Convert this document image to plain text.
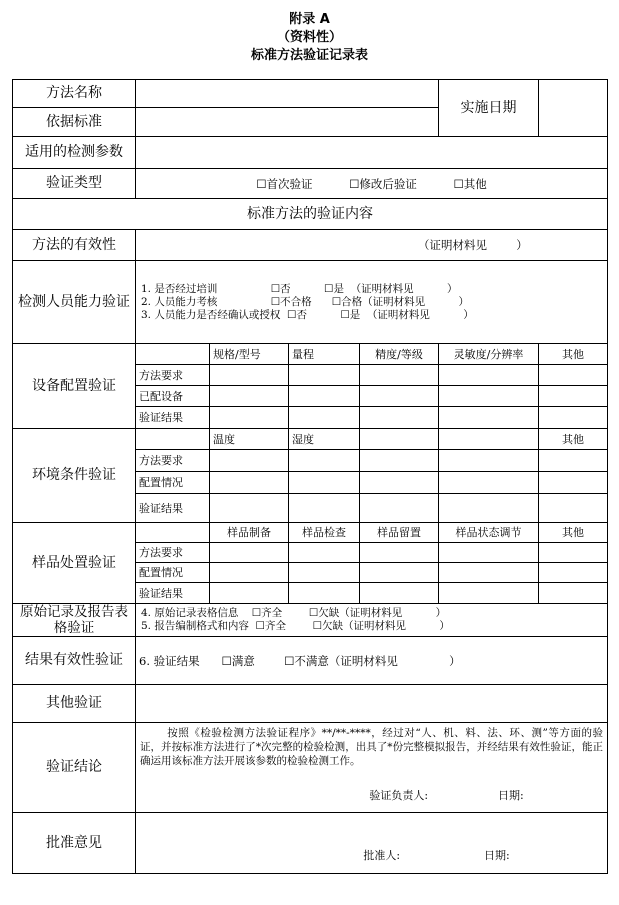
附录 A
（资料性）
标准方法验证记录表
方法名称					实施日期	
依据标准						
适用的检测参数						
验证类型	☐首次验证          ☐修改后验证          ☐其他					
标准方法的验证内容						
方法的有效性	（证明材料见        ）					
检测人员能力验证	1. 是否经过培训                ☐否          ☐是  （证明材料见          ）
2. 人员能力考核                ☐不合格      ☐合格（证明材料见          ）
3. 人员能力是否经确认或授权  ☐否          ☐是  （证明材料见          ）					
设备配置验证		规格/型号	量程	精度/等级	灵敏度/分辨率	其他
	方法要求					
	已配设备					
	验证结果					
环境条件验证		温度	湿度			其他
	方法要求					
	配置情况					
	验证结果					
样品处置验证		样品制备	样品检查	样品留置	样品状态调节	其他
	方法要求					
	配置情况					
	验证结果					
原始记录及报告表格验证	4. 原始记录表格信息    ☐齐全        ☐欠缺（证明材料见          ）
5. 报告编制格式和内容  ☐齐全        ☐欠缺（证明材料见          ）					
结果有效性验证	6. 验证结果      ☐满意        ☐不满意（证明材料见              ）					
其他验证						
验证结论	按照《检验检测方法验证程序》**/**-****，经过对“人、机、料、法、环、测”等方面的验证，并按标准方法进行了*次完整的检验检测，出具了*份完整模拟报告，并经结果有效性验证，能正确运用该标准方法开展该参数的检验检测工作。
验证负责人:                    日期:					

批准意见	批准人:                        日期:					
